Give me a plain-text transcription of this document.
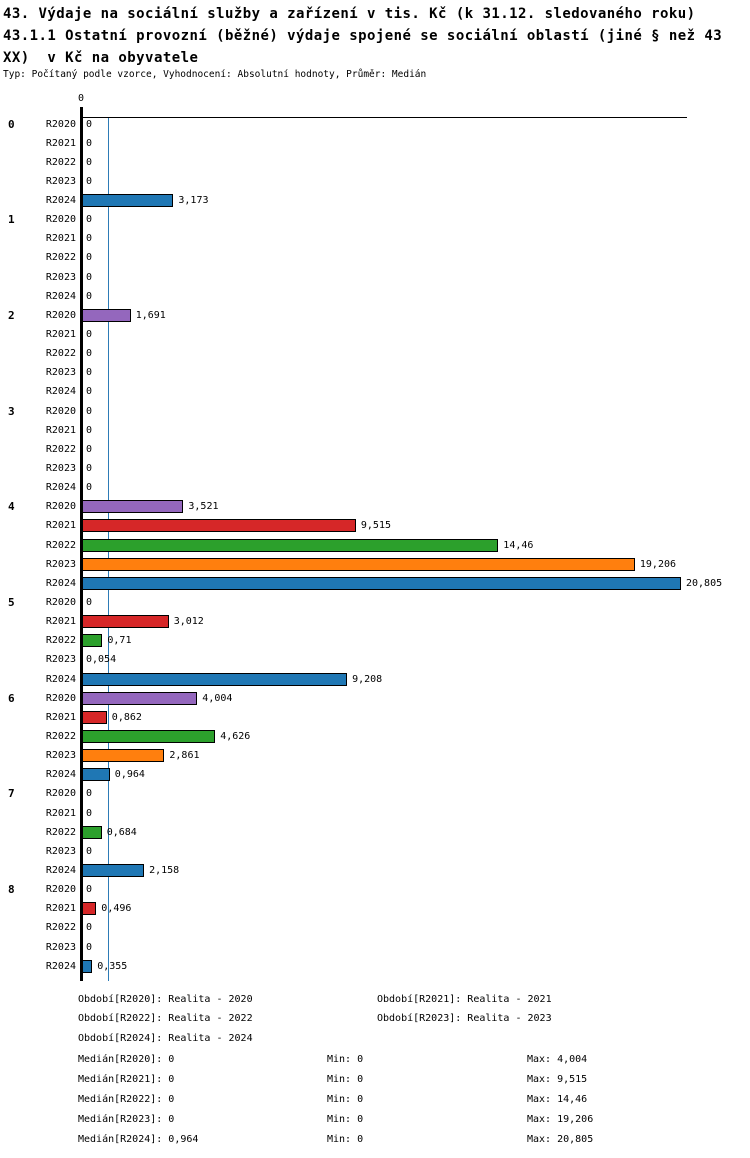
43. Výdaje na sociální služby a zařízení v tis. Kč (k 31.12. sledovaného roku)
43.1.1 Ostatní provozní (běžné) výdaje spojené se sociální oblastí (jiné § než 43
XX)  v Kč na obyvatele
Typ: Počítaný podle vzorce, Vyhodnocení: Absolutní hodnoty, Průměr: Medián
0
0	R2020 0
R2021 0
R2022 0
R2023 0
R2024	3,173
1	R2020 0
R2021 0
R2022 0
R2023 0
R2024 0
2	R2020	1,691
R2021 0
R2022 0
R2023 0
R2024 0
3	R2020 0
R2021 0
R2022 0
R2023 0
R2024 0
4	R2020	3,521
R2021	9,515
R2022	14,46
R2023	19,206
R2024	20,805
5	R2020 0
R2021	3,012
R2022	0,71
R2023 0,054
R2024	9,208
6	R2020	4,004
R2021	0,862
R2022	4,626
R2023	2,861
R2024	0,964
7	R2020 0
R2021 0
R2022	0,684
R2023 0
R2024	2,158
8	R2020 0
R2021	0,496
R2022 0
R2023 0
R2024 0,355
Období[R2020]: Realita - 2020	Období[R2021]: Realita - 2021
Období[R2022]: Realita - 2022	Období[R2023]: Realita - 2023
Období[R2024]: Realita - 2024
Medián[R2020]: 0	Min: 0	Max: 4,004
Medián[R2021]: 0	Min: 0	Max: 9,515
Medián[R2022]: 0	Min: 0	Max: 14,46
Medián[R2023]: 0	Min: 0	Max: 19,206
Medián[R2024]: 0,964	Min: 0	Max: 20,805
